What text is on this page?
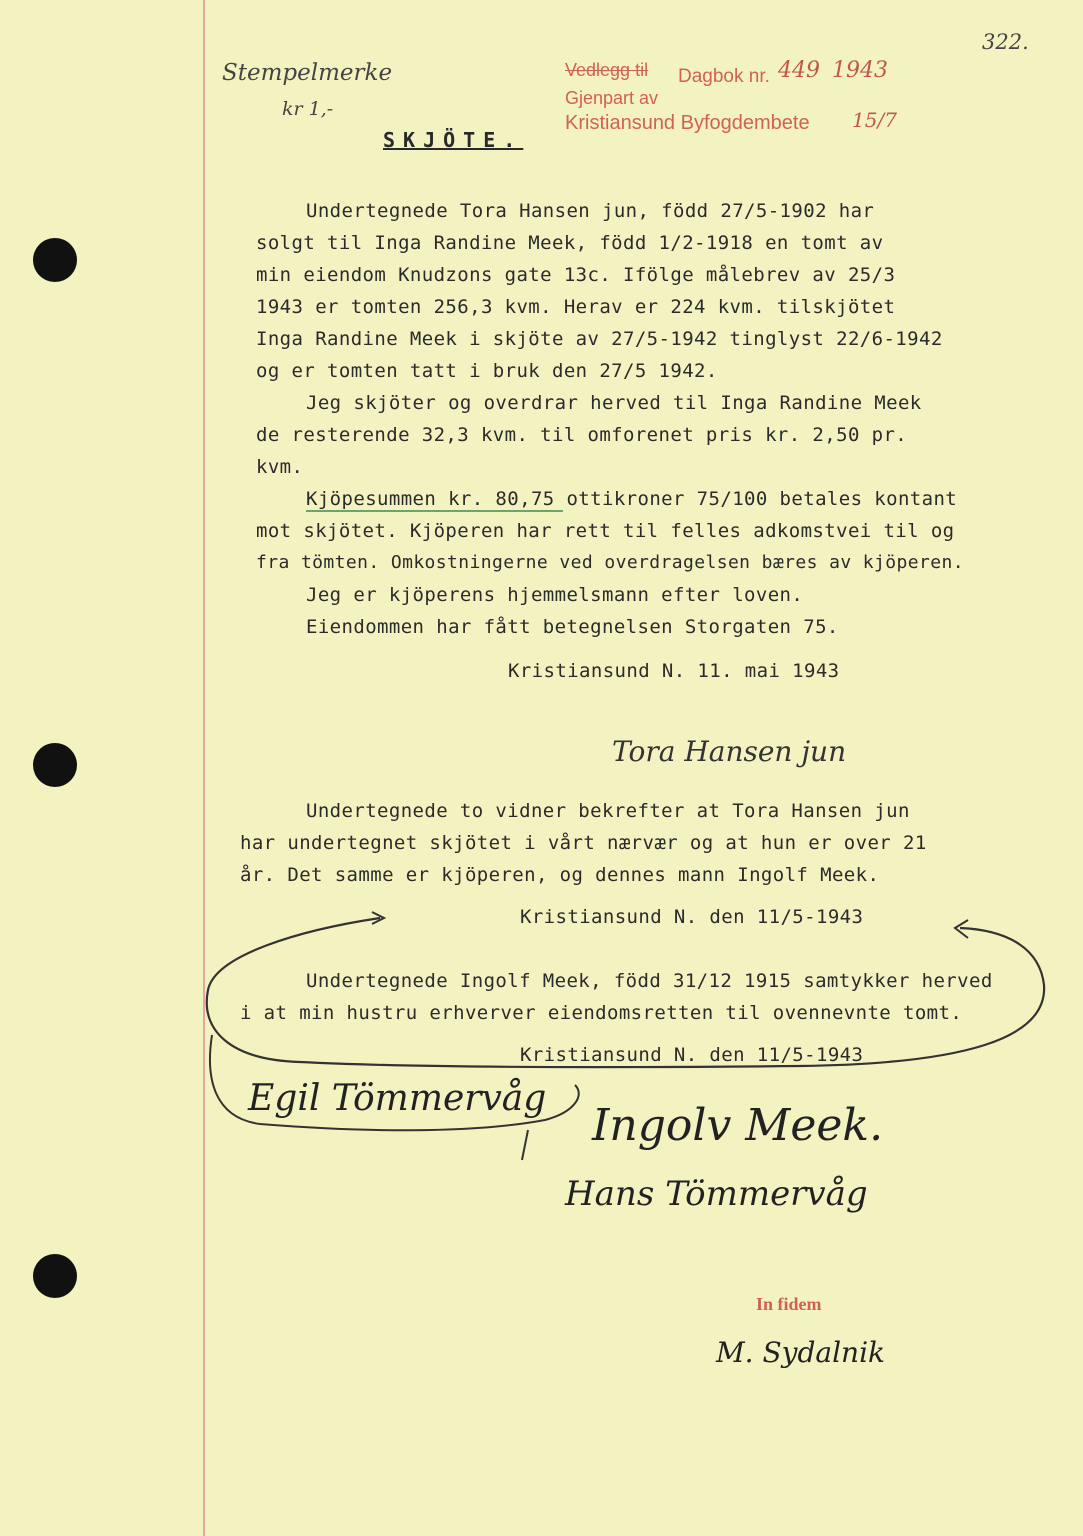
Stempelmerke
kr 1,-
322.
Vedlegg til Dagbok nr. 449 1943
Gjenpart av
Kristiansund Byfogdembete 15/7
SKJÖTE.
Undertegnede Tora Hansen jun, född 27/5-1902 har
solgt til Inga Randine Meek, född 1/2-1918 en tomt av
min eiendom Knudzons gate 13c. Ifölge målebrev av 25/3
1943 er tomten 256,3 kvm. Herav er 224 kvm. tilskjötet
Inga Randine Meek i skjöte av 27/5-1942 tinglyst 22/6-1942
og er tomten tatt i bruk den 27/5 1942.
Jeg skjöter og overdrar herved til Inga Randine Meek
de resterende 32,3 kvm. til omforenet pris kr. 2,50 pr.
kvm.
Kjöpesummen kr. 80,75 ottikroner 75/100 betales kontant
mot skjötet. Kjöperen har rett til felles adkomstvei til og
fra tömten. Omkostningerne ved overdragelsen bæres av kjöperen.
Jeg er kjöperens hjemmelsmann efter loven.
Eiendommen har fått betegnelsen Storgaten 75.
Kristiansund N. 11. mai 1943
Tora Hansen jun
Undertegnede to vidner bekrefter at Tora Hansen jun
har undertegnet skjötet i vårt nærvær og at hun er over 21
år. Det samme er kjöperen, og dennes mann Ingolf Meek.
Kristiansund N. den 11/5-1943
Undertegnede Ingolf Meek, född 31/12 1915 samtykker herved
i at min hustru erhverver eiendomsretten til ovennevnte tomt.
Kristiansund N. den 11/5-1943
Egil Tömmervåg
Ingolv Meek.
Hans Tömmervåg
In fidem
M. Sydalnik
